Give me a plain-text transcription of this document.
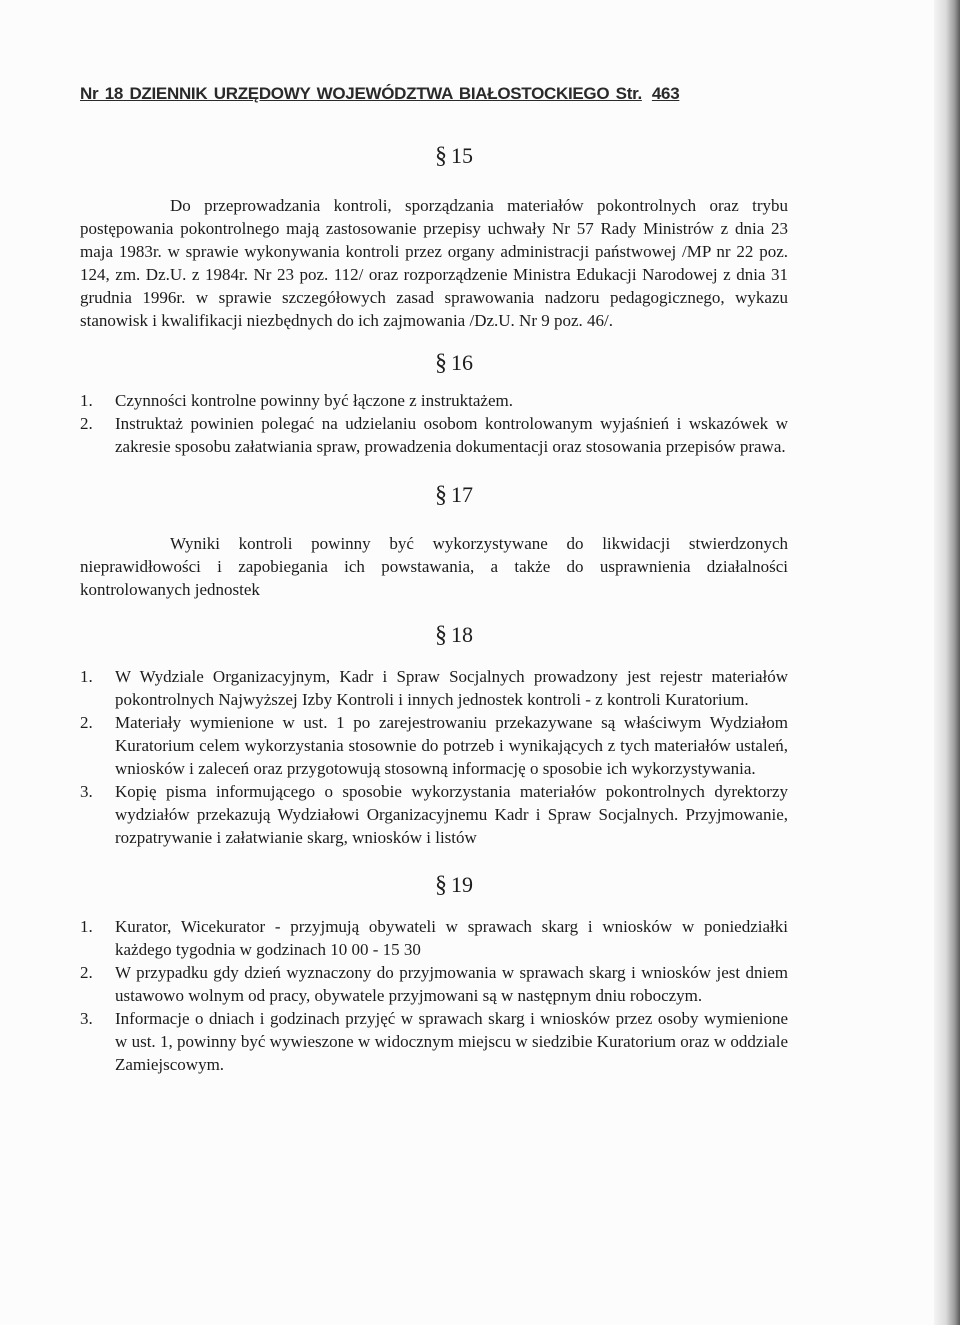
Nr 18 DZIENNIK URZĘDOWY WOJEWÓDZTWA BIAŁOSTOCKIEGO Str. 463
§ 15

Do przeprowadzania kontroli, sporządzania materiałów pokontrolnych oraz trybu postępowania pokontrolnego mają zastosowanie przepisy uchwały Nr 57 Rady Ministrów z dnia 23 maja 1983r. w sprawie wykonywania kontroli przez organy administracji państwowej /MP nr 22 poz. 124, zm. Dz.U. z 1984r. Nr 23 poz. 112/ oraz rozporządzenie Ministra Edukacji Narodowej z dnia 31 grudnia 1996r. w sprawie szczegółowych zasad sprawowania nadzoru pedagogicznego, wykazu stanowisk i kwalifikacji niezbędnych do ich zajmowania /Dz.U. Nr 9 poz. 46/.

§ 16
1. Czynności kontrolne powinny być łączone z instruktażem.
2. Instruktaż powinien polegać na udzielaniu osobom kontrolowanym wyjaśnień i wskazówek w zakresie sposobu załatwiania spraw, prowadzenia dokumentacji oraz stosowania przepisów prawa.
§ 17

Wyniki kontroli powinny być wykorzystywane do likwidacji stwierdzonych nieprawidłowości i zapobiegania ich powstawania, a także do usprawnienia działalności kontrolowanych jednostek

§ 18
1. W Wydziale Organizacyjnym, Kadr i Spraw Socjalnych prowadzony jest rejestr materiałów pokontrolnych Najwyższej Izby Kontroli i innych jednostek kontroli - z kontroli Kuratorium.
2. Materiały wymienione w ust. 1 po zarejestrowaniu przekazywane są właściwym Wydziałom Kuratorium celem wykorzystania stosownie do potrzeb i wynikających z tych materiałów ustaleń, wniosków i zaleceń oraz przygotowują stosowną informację o sposobie ich wykorzystywania.
3. Kopię pisma informującego o sposobie wykorzystania materiałów pokontrolnych dyrektorzy wydziałów przekazują Wydziałowi Organizacyjnemu Kadr i Spraw Socjalnych. Przyjmowanie, rozpatrywanie i załatwianie skarg, wniosków i listów
§ 19
1. Kurator, Wicekurator - przyjmują obywateli w sprawach skarg i wniosków w poniedziałki każdego tygodnia w godzinach 10 00 - 15 30
2. W przypadku gdy dzień wyznaczony do przyjmowania w sprawach skarg i wniosków jest dniem ustawowo wolnym od pracy, obywatele przyjmowani są w następnym dniu roboczym.
3. Informacje o dniach i godzinach przyjęć w sprawach skarg i wniosków przez osoby wymienione w ust. 1, powinny być wywieszone w widocznym miejscu w siedzibie Kuratorium oraz w oddziale Zamiejscowym.
